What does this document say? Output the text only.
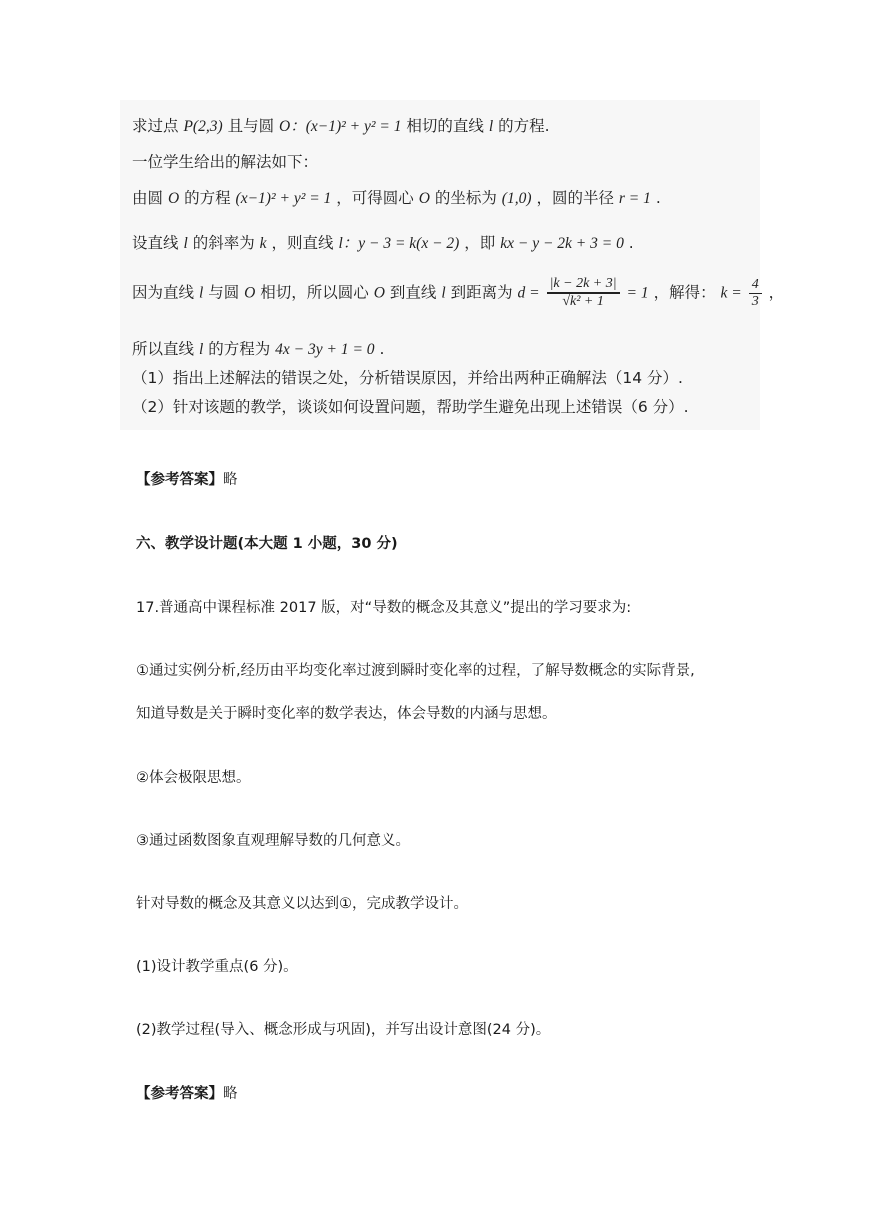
求过点 P(2,3) 且与圆 O：(x−1)² + y² = 1 相切的直线 l 的方程.

一位学生给出的解法如下：

由圆 O 的方程 (x−1)² + y² = 1 ，可得圆心 O 的坐标为 (1,0) ，圆的半径 r = 1 .

设直线 l 的斜率为 k ，则直线 l：y − 3 = k(x − 2) ，即 kx − y − 2k + 3 = 0 .

因为直线 l 与圆 O 相切，所以圆心 O 到直线 l 到距离为 $d = \frac{|k - 2k + 3|}{\text{√k² + 1}} = 1$ ，解得： $k = \frac{4}{3}$ ，

所以直线 l 的方程为 4x − 3y + 1 = 0 .

（1）指出上述解法的错误之处，分析错误原因，并给出两种正确解法（14 分）.

（2）针对该题的教学，谈谈如何设置问题，帮助学生避免出现上述错误（6 分）.

【参考答案】略

六、教学设计题(本大题 1 小题，30 分)

17.普通高中课程标准 2017 版，对“导数的概念及其意义”提出的学习要求为:

①通过实例分析,经历由平均变化率过渡到瞬时变化率的过程，了解导数概念的实际背景,

知道导数是关于瞬时变化率的数学表达，体会导数的内涵与思想。

②体会极限思想。

③通过函数图象直观理解导数的几何意义。

针对导数的概念及其意义以达到①，完成教学设计。

(1)设计教学重点(6 分)。

(2)教学过程(导入、概念形成与巩固)，并写出设计意图(24 分)。

【参考答案】略
